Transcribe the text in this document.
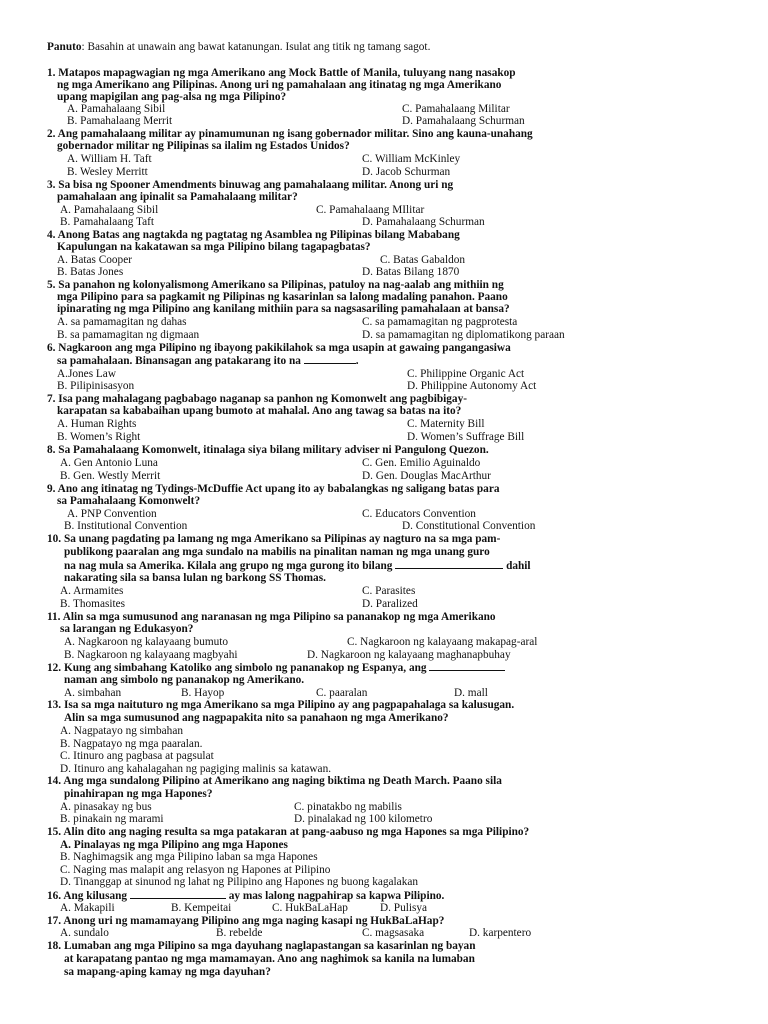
Panuto: Basahin at unawain ang bawat katanungan. Isulat ang titik ng tamang sagot.
1. Matapos mapagwagian ng mga Amerikano ang Mock Battle of Manila, tuluyang nang nasakop
ng mga Amerikano ang Pilipinas. Anong uri ng pamahalaan ang itinatag ng mga Amerikano
upang mapigilan ang pag-alsa ng mga Pilipino?
A. Pamahalaang Sibil	C. Pamahalaang Militar
B. Pamahalaang Merrit	D. Pamahalaang Schurman
2. Ang pamahalaang militar ay pinamumunan ng isang gobernador militar. Sino ang kauna-unahang
gobernador militar ng Pilipinas sa ilalim ng Estados Unidos?
A. William H. Taft	C. William McKinley
B. Wesley Merritt	D. Jacob Schurman
3. Sa bisa ng Spooner Amendments binuwag ang pamahalaang militar. Anong uri ng
pamahalaan ang ipinalit sa Pamahalaang militar?
A. Pamahalaang Sibil	C. Pamahalaang MIlitar
B. Pamahalaang Taft	D. Pamahalaang Schurman
4. Anong Batas ang nagtakda ng pagtatag ng Asamblea ng Pilipinas bilang Mababang
Kapulungan na kakatawan sa mga Pilipino bilang tagapagbatas?
A. Batas Cooper	C. Batas Gabaldon
B. Batas Jones	D. Batas Bilang 1870
5. Sa panahon ng kolonyalismong Amerikano sa Pilipinas, patuloy na nag-aalab ang mithiin ng
mga Pilipino para sa pagkamit ng Pilipinas ng kasarinlan sa lalong madaling panahon. Paano
ipinarating ng mga Pilipino ang kanilang mithiin para sa nagsasariling pamahalaan at bansa?
A. sa pamamagitan ng dahas	C. sa pamamagitan ng pagprotesta
B. sa pamamagitan ng digmaan	D. sa pamamagitan ng diplomatikong paraan
6. Nagkaroon ang mga Pilipino ng ibayong pakikilahok sa mga usapin at gawaing pangangasiwa
sa pamahalaan. Binansagan ang patakarang ito na	.
A.Jones Law	C. Philippine Organic Act
B. Pilipinisasyon	D. Philippine Autonomy Act
7. Isa pang mahalagang pagbabago naganap sa panhon ng Komonwelt ang pagbibigay-
karapatan sa kababaihan upang bumoto at mahalal. Ano ang tawag sa batas na ito?
A. Human Rights	C. Maternity Bill
B. Women’s Right	D. Women’s Suffrage Bill
8. Sa Pamahalaang Komonwelt, itinalaga siya bilang military adviser ni Pangulong Quezon.
A. Gen Antonio Luna	C. Gen. Emilio Aguinaldo
B. Gen. Westly Merrit	D. Gen. Douglas MacArthur
9. Ano ang itinatag ng Tydings-McDuffie Act upang ito ay babalangkas ng saligang batas para
sa Pamahalaang Komonwelt?
A. PNP Convention	C. Educators Convention
B. Institutional Convention	D. Constitutional Convention
10. Sa unang pagdating pa lamang ng mga Amerikano sa Pilipinas ay nagturo na sa mga pam-
publikong paaralan ang mga sundalo na mabilis na pinalitan naman ng mga unang guro
na nag mula sa Amerika. Kilala ang grupo ng mga gurong ito bilang	dahil
nakarating sila sa bansa lulan ng barkong SS Thomas.
A. Armamites	C. Parasites
B. Thomasites	D. Paralized
11. Alin sa mga sumusunod ang naranasan ng mga Pilipino sa pananakop ng mga Amerikano
sa larangan ng Edukasyon?
A. Nagkaroon ng kalayaang bumuto	C. Nagkaroon ng kalayaang makapag-aral
B. Nagkaroon ng kalayaang magbyahi	D. Nagkaroon ng kalayaang maghanapbuhay
12. Kung ang simbahang Katoliko ang simbolo ng pananakop ng Espanya, ang
naman ang simbolo ng pananakop ng Amerikano.
A. simbahan	B. Hayop	C. paaralan	D. mall
13. Isa sa mga naituturo ng mga Amerikano sa mga Pilipino ay ang pagpapahalaga sa kalusugan.
Alin sa mga sumusunod ang nagpapakita nito sa panahaon ng mga Amerikano?
A. Nagpatayo ng simbahan
B. Nagpatayo ng mga paaralan.
C. Itinuro ang pagbasa at pagsulat
D. Itinuro ang kahalagahan ng pagiging malinis sa katawan.
14. Ang mga sundalong Pilipino at Amerikano ang naging biktima ng Death March. Paano sila
pinahirapan ng mga Hapones?
A. pinasakay ng bus	C. pinatakbo ng mabilis
B. pinakain ng marami	D. pinalakad ng 100 kilometro
15. Alin dito ang naging resulta sa mga patakaran at pang-aabuso ng mga Hapones sa mga Pilipino?
A. Pinalayas ng mga Pilipino ang mga Hapones
B. Naghimagsik ang mga Pilipino laban sa mga Hapones
C. Naging mas malapit ang relasyon ng Hapones at Pilipino
D. Tinanggap at sinunod ng lahat ng Pilipino ang Hapones ng buong kagalakan
16. Ang kilusang	ay mas lalong nagpahirap sa kapwa Pilipino.
A. Makapili	B. Kempeitai	C. HukBaLaHap	D. Pulisya
17. Anong uri ng mamamayang Pilipino ang mga naging kasapi ng HukBaLaHap?
A. sundalo	B. rebelde	C. magsasaka	D. karpentero
18. Lumaban ang mga Pilipino sa mga dayuhang naglapastangan sa kasarinlan ng bayan
at karapatang pantao ng mga mamamayan. Ano ang naghimok sa kanila na lumaban
sa mapang-aping kamay ng mga dayuhan?
